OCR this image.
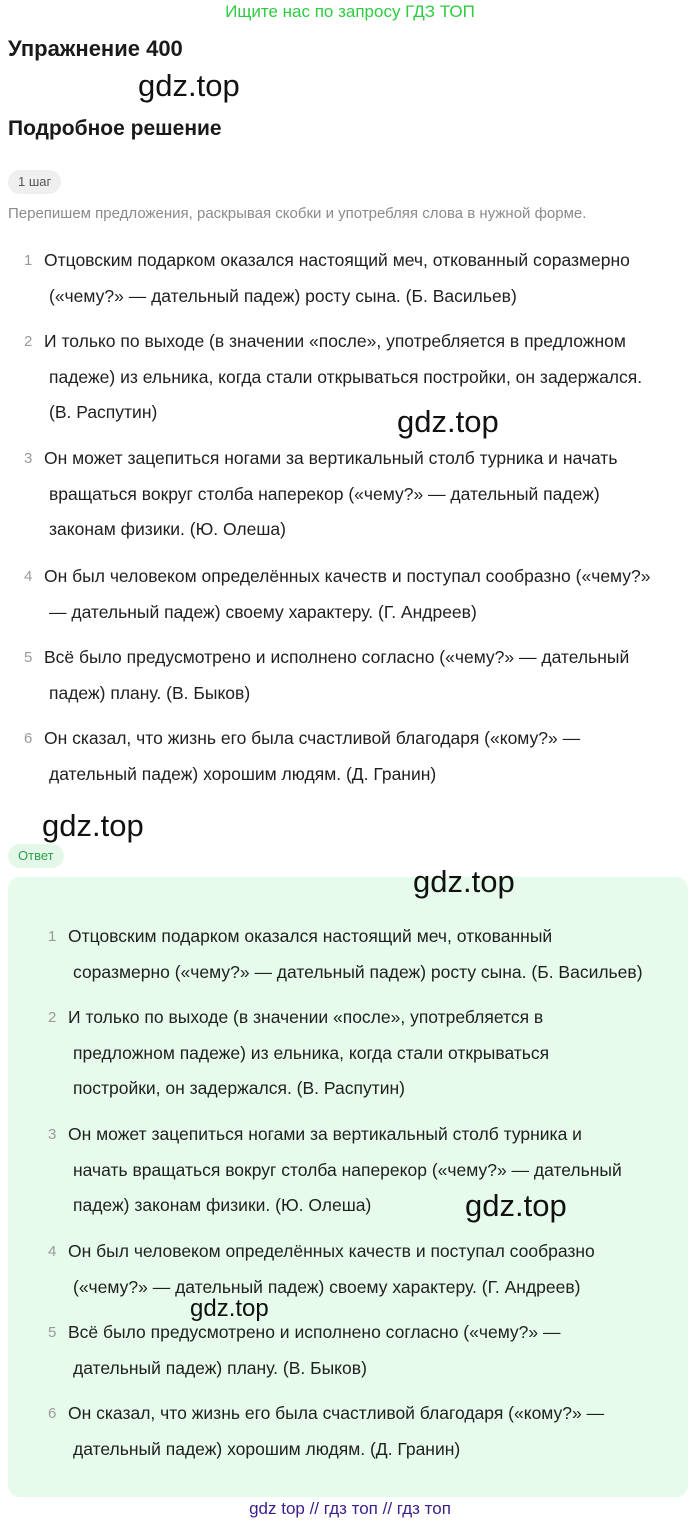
Ищите нас по запросу ГДЗ ТОП
Упражнение 400
gdz.top
Подробное решение
1 шаг
Перепишем предложения, раскрывая скобки и употребляя слова в нужной форме.
1 Отцовским подарком оказался настоящий меч, откованный соразмерно
(«чему?» — дательный падеж) росту сына. (Б. Васильев)
2 И только по выходе (в значении «после», употребляется в предложном
падеже) из ельника, когда стали открываться постройки, он задержался.
(В. Распутин)
3 Он может зацепиться ногами за вертикальный столб турника и начать
вращаться вокруг столба наперекор («чему?» — дательный падеж)
законам физики. (Ю. Олеша)
4 Он был человеком определённых качеств и поступал сообразно («чему?»
— дательный падеж) своему характеру. (Г. Андреев)
5 Всё было предусмотрено и исполнено согласно («чему?» — дательный
падеж) плану. (В. Быков)
6 Он сказал, что жизнь его была счастливой благодаря («кому?» —
дательный падеж) хорошим людям. (Д. Гранин)
gdz.top
gdz.top
Ответ
1 Отцовским подарком оказался настоящий меч, откованный
соразмерно («чему?» — дательный падеж) росту сына. (Б. Васильев)
2 И только по выходе (в значении «после», употребляется в
предложном падеже) из ельника, когда стали открываться
постройки, он задержался. (В. Распутин)
3 Он может зацепиться ногами за вертикальный столб турника и
начать вращаться вокруг столба наперекор («чему?» — дательный
падеж) законам физики. (Ю. Олеша)
4 Он был человеком определённых качеств и поступал сообразно
(«чему?» — дательный падеж) своему характеру. (Г. Андреев)
5 Всё было предусмотрено и исполнено согласно («чему?» —
дательный падеж) плану. (В. Быков)
6 Он сказал, что жизнь его была счастливой благодаря («кому?» —
дательный падеж) хорошим людям. (Д. Гранин)
gdz.top
gdz.top
gdz.top
gdz top // гдз топ // гдз топ
